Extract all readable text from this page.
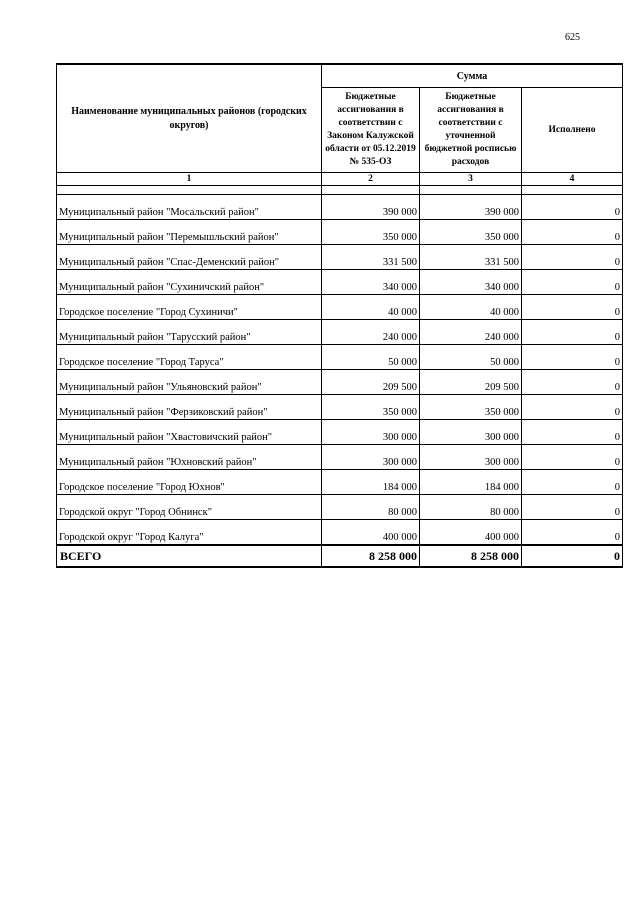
625
Наименование муниципальных районов (городских округов)	Сумма		
	Бюджетные ассигнования в соответствии с Законом Калужской области от 05.12.2019 № 535-ОЗ	Бюджетные ассигнования в соответствии с уточненной бюджетной росписью расходов	Исполнено
1	2	3	4

Муниципальный район "Мосальский район"	390 000	390 000	0
Муниципальный район "Перемышльский район"	350 000	350 000	0
Муниципальный район "Спас-Деменский район"	331 500	331 500	0
Муниципальный район "Сухиничский район"	340 000	340 000	0
Городское поселение "Город Сухиничи"	40 000	40 000	0
Муниципальный район "Тарусский район"	240 000	240 000	0
Городское поселение "Город Таруса"	50 000	50 000	0
Муниципальный район "Ульяновский район"	209 500	209 500	0
Муниципальный район "Ферзиковский район"	350 000	350 000	0
Муниципальный район "Хвастовичский район"	300 000	300 000	0
Муниципальный район "Юхновский район"	300 000	300 000	0
Городское поселение "Город Юхнов"	184 000	184 000	0
Городской округ "Город Обнинск"	80 000	80 000	0
Городской округ "Город Калуга"	400 000	400 000	0
ВСЕГО	8 258 000	8 258 000	0
